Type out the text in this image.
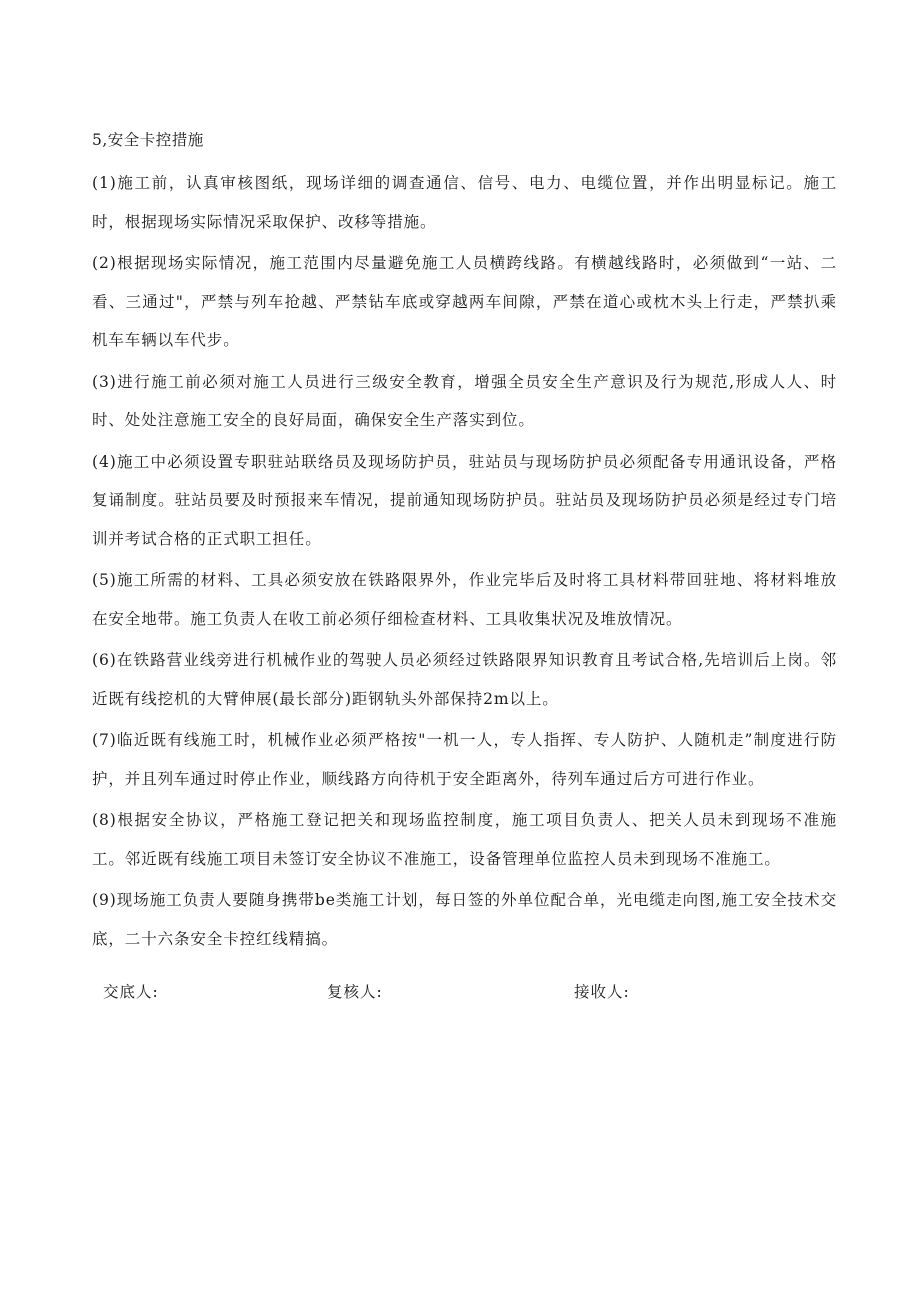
5,安全卡控措施

(1)施工前，认真审核图纸，现场详细的调查通信、信号、电力、电缆位置，并作出明显标记。施工时，根据现场实际情况采取保护、改移等措施。

(2)根据现场实际情况，施工范围内尽量避免施工人员横跨线路。有横越线路时，必须做到“一站、二看、三通过"，严禁与列车抢越、严禁钻车底或穿越两车间隙，严禁在道心或枕木头上行走，严禁扒乘机车车辆以车代步。

(3)进行施工前必须对施工人员进行三级安全教育，增强全员安全生产意识及行为规范,形成人人、时时、处处注意施工安全的良好局面，确保安全生产落实到位。

(4)施工中必须设置专职驻站联络员及现场防护员，驻站员与现场防护员必须配备专用通讯设备，严格复诵制度。驻站员要及时预报来车情况，提前通知现场防护员。驻站员及现场防护员必须是经过专门培训并考试合格的正式职工担任。

(5)施工所需的材料、工具必须安放在铁路限界外，作业完毕后及时将工具材料带回驻地、将材料堆放在安全地带。施工负责人在收工前必须仔细检查材料、工具收集状况及堆放情况。

(6)在铁路营业线旁进行机械作业的驾驶人员必须经过铁路限界知识教育且考试合格,先培训后上岗。邻近既有线挖机的大臂伸展(最长部分)距钢轨头外部保持2m以上。

(7)临近既有线施工时，机械作业必须严格按"一机一人，专人指挥、专人防护、人随机走”制度进行防护，并且列车通过时停止作业，顺线路方向待机于安全距离外，待列车通过后方可进行作业。

(8)根据安全协议，严格施工登记把关和现场监控制度，施工项目负责人、把关人员未到现场不准施工。邻近既有线施工项目未签订安全协议不准施工，设备管理单位监控人员未到现场不准施工。

(9)现场施工负责人要随身携带be类施工计划，每日签的外单位配合单，光电缆走向图,施工安全技术交底，二十六条安全卡控红线精搞。

交底人:	复核人:	接收人:
